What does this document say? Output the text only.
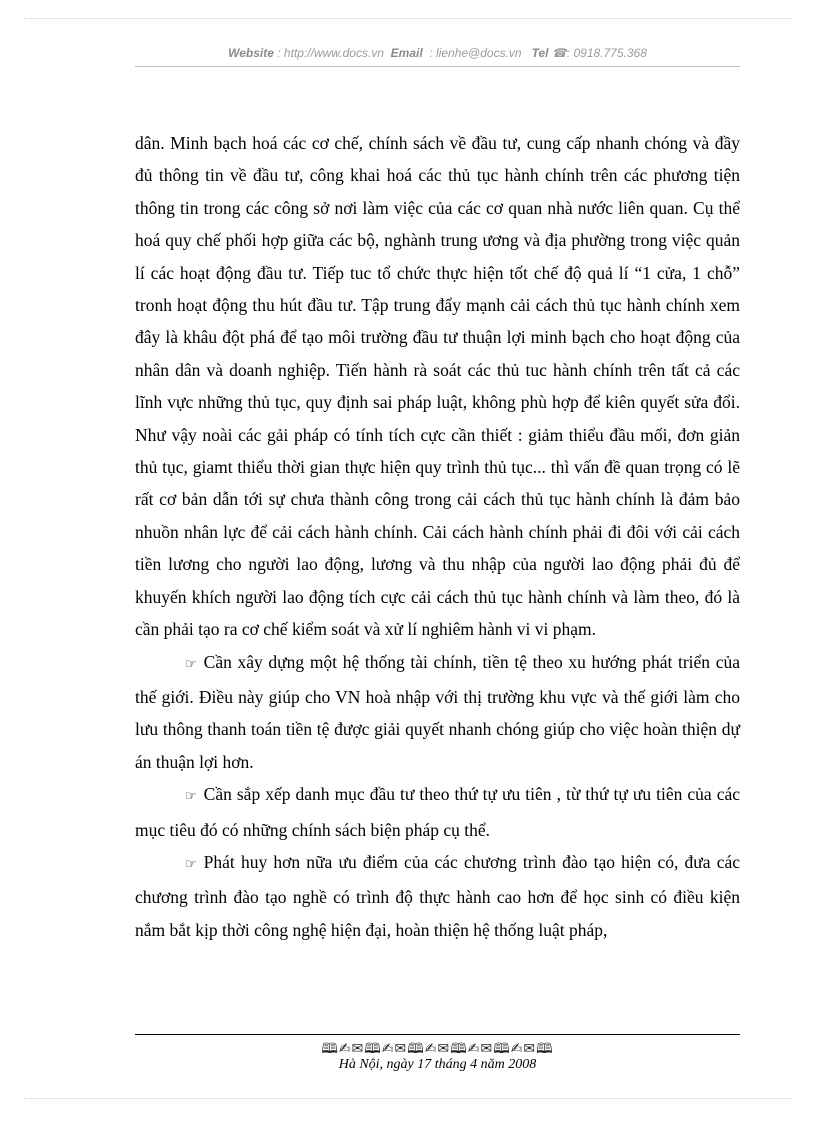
Website : http://www.docs.vn Email : lienhe@docs.vn Tel ☎: 0918.775.368

dân. Minh bạch hoá các cơ chế, chính sách về đầu tư, cung cấp nhanh chóng và đầy đủ thông tin về đầu tư, công khai hoá các thủ tục hành chính trên các phương tiện thông tin trong các công sở nơi làm việc của các cơ quan nhà nước liên quan. Cụ thể hoá quy chế phối hợp giữa các bộ, nghành trung ương và địa phường trong việc quản lí các hoạt động đầu tư. Tiếp tuc tổ chức thực hiện tốt chế độ quả lí “1 cửa, 1 chỗ” tronh hoạt động thu hút đầu tư. Tập trung đẩy mạnh cải cách thủ tục hành chính xem đây là khâu đột phá để tạo môi trường đầu tư thuận lợi minh bạch cho hoạt động của nhân dân và doanh nghiệp. Tiến hành rà soát các thủ tuc hành chính trên tất cả các lĩnh vực những thủ tục, quy định sai pháp luật, không phù hợp để kiên quyết sửa đổi. Như vậy noài các gải pháp có tính tích cực cần thiết : giảm thiểu đầu mối, đơn giản thủ tục, giamt thiểu thời gian thực hiện quy trình thủ tục... thì vấn đề quan trọng có lẽ rất cơ bản dẫn tới sự chưa thành công trong cải cách thủ tục hành chính là đảm bảo nhuồn nhân lực để cải cách hành chính. Cải cách hành chính phải đi đôi với cải cách tiền lương cho người lao động, lương và thu nhập của người lao động phải đủ để khuyến khích người lao động tích cực cải cách thủ tục hành chính và làm theo, đó là cần phải tạo ra cơ chế kiểm soát và xử lí nghiêm hành vi vi phạm.

☞ Cần xây dựng một hệ thống tài chính, tiền tệ theo xu hướng phát triển của thế giới. Điều này giúp cho VN hoà nhập với thị trường khu vực và thế giới làm cho lưu thông thanh toán tiền tệ được giải quyết nhanh chóng giúp cho việc hoàn thiện dự án thuận lợi hơn.

☞ Cần sắp xếp danh mục đầu tư theo thứ tự ưu tiên , từ thứ tự ưu tiên của các mục tiêu đó có những chính sách biện pháp cụ thể.

☞ Phát huy hơn nữa ưu điểm của các chương trình đào tạo hiện có, đưa các chương trình đào tạo nghề có trình độ thực hành cao hơn để học sinh có điều kiện nắm bắt kịp thời công nghệ hiện đại, hoàn thiện hệ thống luật pháp,

🕮✍✉🕮✍✉🕮✍✉🕮✍✉🕮✍✉🕮
Hà Nội, ngày 17 tháng 4 năm 2008
